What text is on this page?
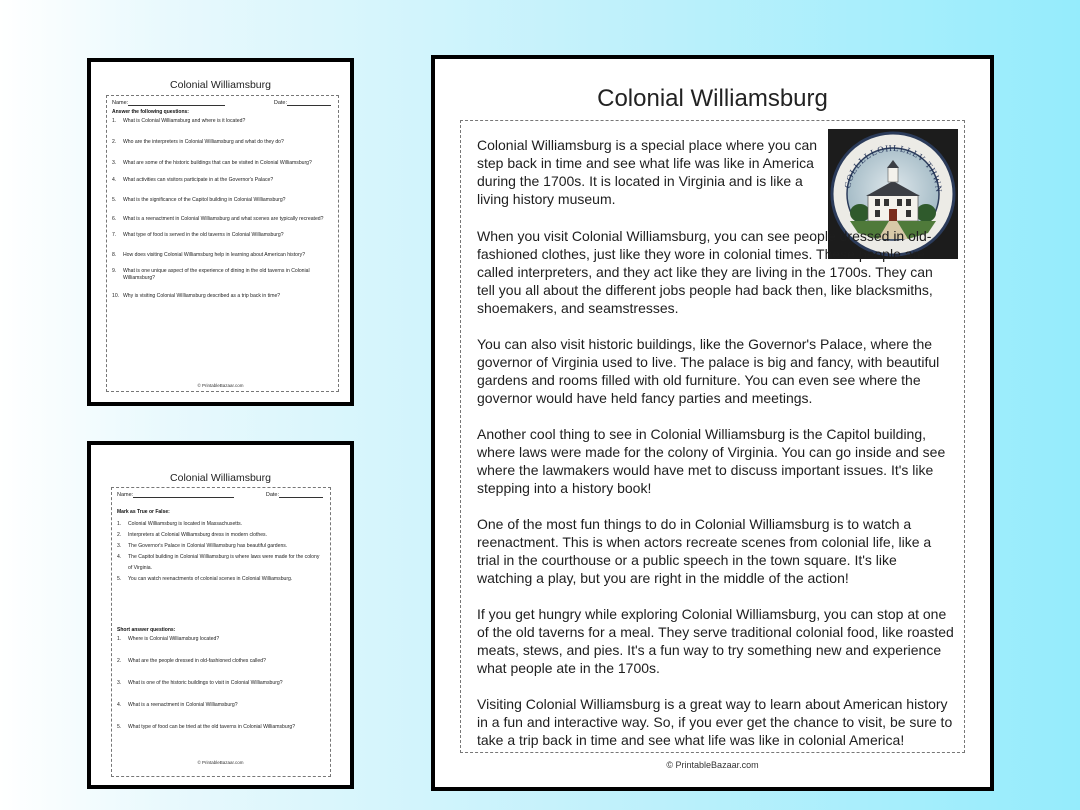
Colonial Williamsburg
Name:	Date:
Answer the following questions:
1.	What is Colonial Williamsburg and where is it located?
2.	Who are the interpreters in Colonial Williamsburg and what do they do?
3.	What are some of the historic buildings that can be visited in Colonial Williamsburg?
4.	What activities can visitors participate in at the Governor's Palace?
5.	What is the significance of the Capitol building in Colonial Williamsburg?
6.	What is a reenactment in Colonial Williamsburg and what scenes are typically recreated?
7.	What type of food is served in the old taverns in Colonial Williamsburg?
8.	How does visiting Colonial Williamsburg help in learning about American history?
9.	What is one unique aspect of the experience of dining in the old taverns in Colonial Williamsburg?
10. Why is visiting Colonial Williamsburg described as a trip back in time?
© PrintableBazaar.com
Colonial Williamsburg
Name:	Date:
Mark as True or False:
1.	Colonial Williamsburg is located in Massachusetts.
2.	Interpreters at Colonial Williamsburg dress in modern clothes.
3.	The Governor's Palace in Colonial Williamsburg has beautiful gardens.
4.	The Capitol building in Colonial Williamsburg is where laws were made for the colony of Virginia.
5.	You can watch reenactments of colonial scenes in Colonial Williamsburg.
Short answer questions:
1.	Where is Colonial Williamsburg located?
2.	What are the people dressed in old-fashioned clothes called?
3.	What is one of the historic buildings to visit in Colonial Williamsburg?
4.	What is a reenactment in Colonial Williamsburg?
5.	What type of food can be tried at the old taverns in Colonial Williamsburg?
© PrintableBazaar.com
Colonial Williamsburg
COLLLLLOHLLLLV THWN

Colonial Williamsburg is a special place where you can step back in time and see what life was like in America during the 1700s. It is located in Virginia and is like a living history museum.

When you visit Colonial Williamsburg, you can see people dressed in old-fashioned clothes, just like they wore in colonial times. These people are called interpreters, and they act like they are living in the 1700s. They can tell you all about the different jobs people had back then, like blacksmiths, shoemakers, and seamstresses.

You can also visit historic buildings, like the Governor's Palace, where the governor of Virginia used to live. The palace is big and fancy, with beautiful gardens and rooms filled with old furniture. You can even see where the governor would have held fancy parties and meetings.

Another cool thing to see in Colonial Williamsburg is the Capitol building, where laws were made for the colony of Virginia. You can go inside and see where the lawmakers would have met to discuss important issues. It's like stepping into a history book!

One of the most fun things to do in Colonial Williamsburg is to watch a reenactment. This is when actors recreate scenes from colonial life, like a trial in the courthouse or a public speech in the town square. It's like watching a play, but you are right in the middle of the action!

If you get hungry while exploring Colonial Williamsburg, you can stop at one of the old taverns for a meal. They serve traditional colonial food, like roasted meats, stews, and pies. It's a fun way to try something new and experience what people ate in the 1700s.

Visiting Colonial Williamsburg is a great way to learn about American history in a fun and interactive way. So, if you ever get the chance to visit, be sure to take a trip back in time and see what life was like in colonial America!

© PrintableBazaar.com
